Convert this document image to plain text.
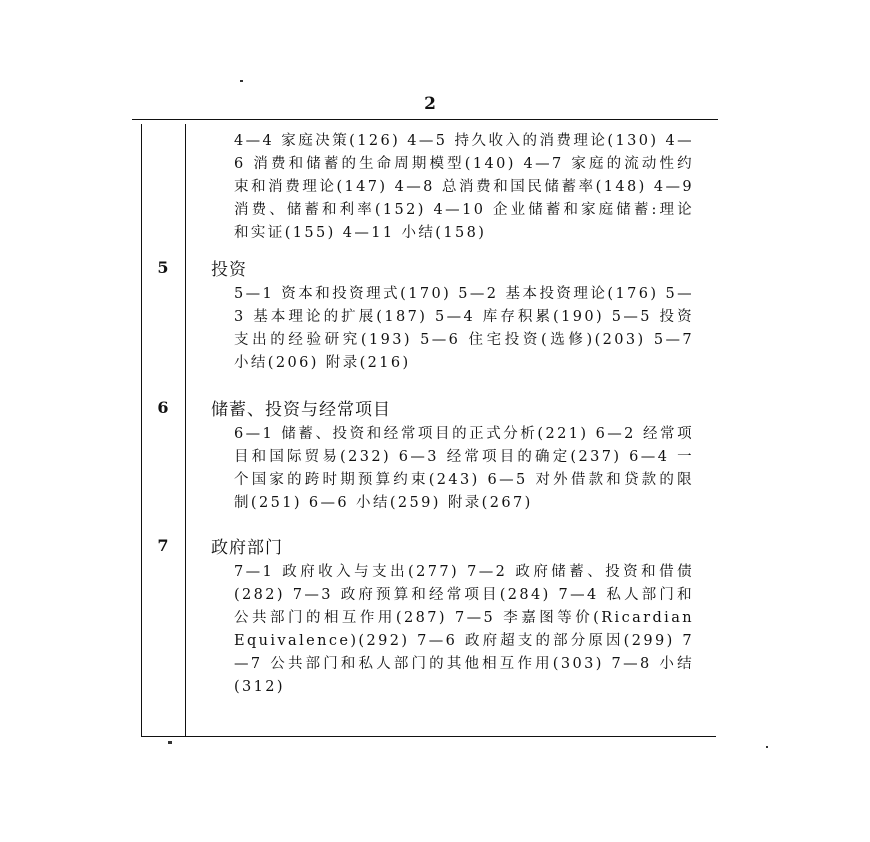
2
4—4 家庭决策(126) 4—5 持久收入的消费理论(130) 4—6 消费和储蓄的生命周期模型(140) 4—7 家庭的流动性约束和消费理论(147) 4—8 总消费和国民储蓄率(148) 4—9 消费、储蓄和利率(152) 4—10 企业储蓄和家庭储蓄:理论和实证(155) 4—11 小结(158)
5	投资
5—1 资本和投资理式(170) 5—2 基本投资理论(176) 5—3 基本理论的扩展(187) 5—4 库存积累(190) 5—5 投资支出的经验研究(193) 5—6 住宅投资(选修)(203) 5—7 小结(206) 附录(216)
6	储蓄、投资与经常项目
6—1 储蓄、投资和经常项目的正式分析(221) 6—2 经常项目和国际贸易(232) 6—3 经常项目的确定(237) 6—4 一个国家的跨时期预算约束(243) 6—5 对外借款和贷款的限制(251) 6—6 小结(259) 附录(267)
7	政府部门
7—1 政府收入与支出(277) 7—2 政府储蓄、投资和借债(282) 7—3 政府预算和经常项目(284) 7—4 私人部门和公共部门的相互作用(287) 7—5 李嘉图等价(Ricardian Equivalence)(292) 7—6 政府超支的部分原因(299) 7—7 公共部门和私人部门的其他相互作用(303) 7—8 小结(312)
